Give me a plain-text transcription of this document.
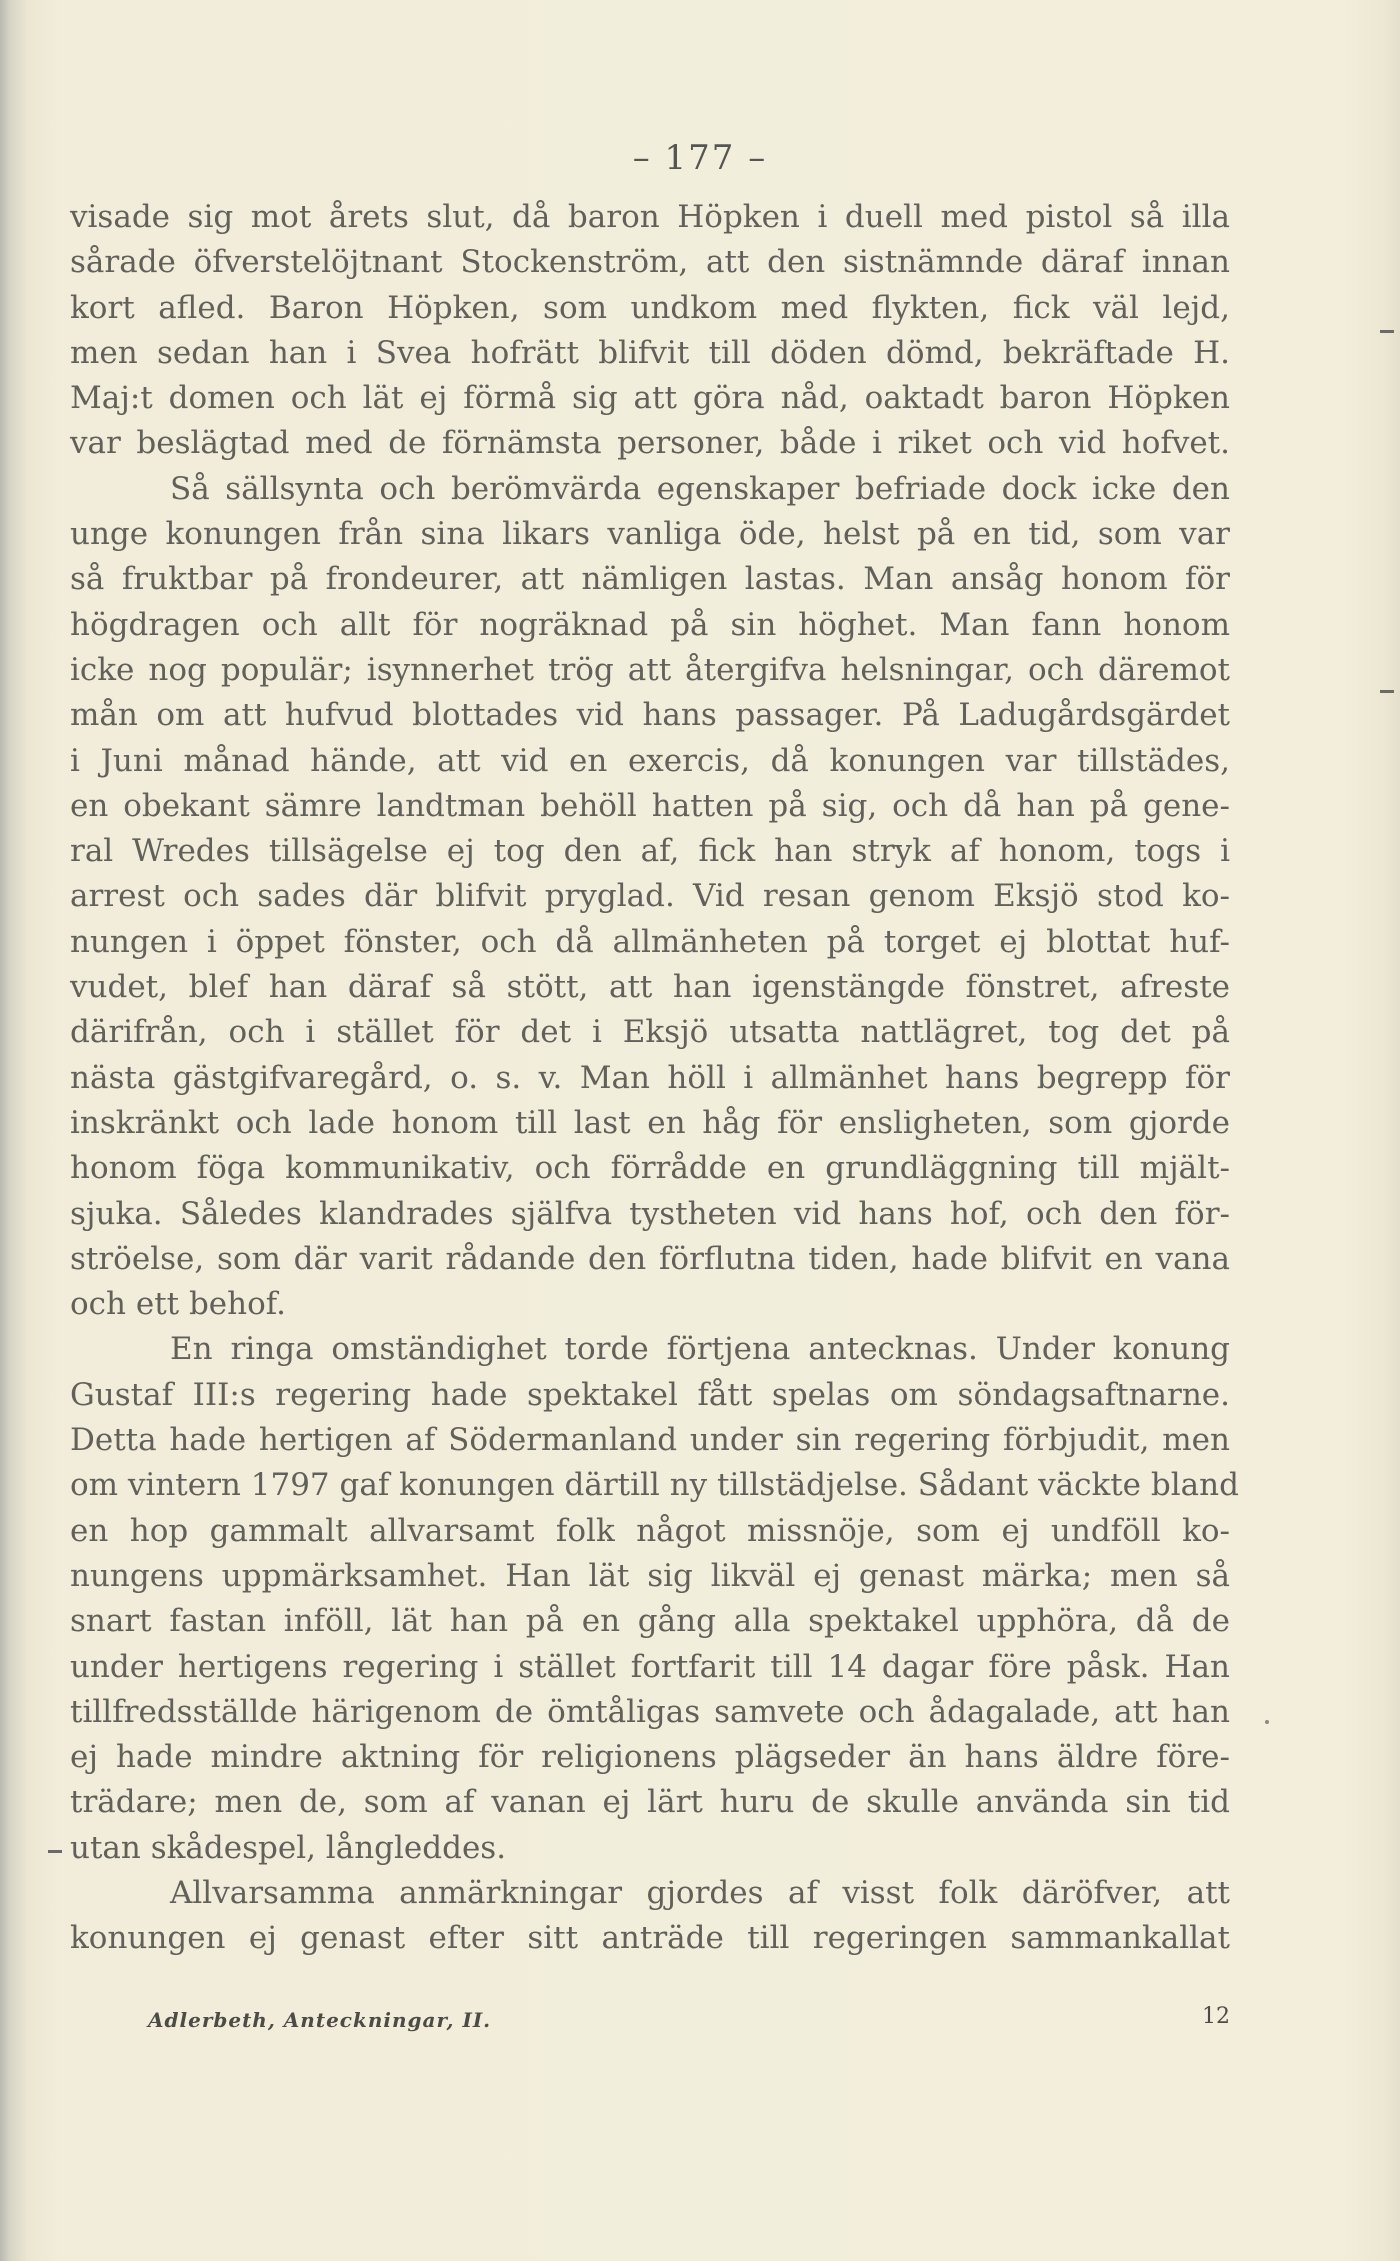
– 177 –
visade sig mot årets slut, då baron Höpken i duell med pistol så illa
sårade öfverstelöjtnant Stockenström, att den sistnämnde däraf innan
kort afled. Baron Höpken, som undkom med flykten, fick väl lejd,
men sedan han i Svea hofrätt blifvit till döden dömd, bekräftade H.
Maj:t domen och lät ej förmå sig att göra nåd, oaktadt baron Höpken
var beslägtad med de förnämsta personer, både i riket och vid hofvet.
Så sällsynta och berömvärda egenskaper befriade dock icke den
unge konungen från sina likars vanliga öde, helst på en tid, som var
så fruktbar på frondeurer, att nämligen lastas. Man ansåg honom för
högdragen och allt för nogräknad på sin höghet. Man fann honom
icke nog populär; isynnerhet trög att återgifva helsningar, och däremot
mån om att hufvud blottades vid hans passager. På Ladugårdsgärdet
i Juni månad hände, att vid en exercis, då konungen var tillstädes,
en obekant sämre landtman behöll hatten på sig, och då han på gene-
ral Wredes tillsägelse ej tog den af, fick han stryk af honom, togs i
arrest och sades där blifvit pryglad. Vid resan genom Eksjö stod ko-
nungen i öppet fönster, och då allmänheten på torget ej blottat huf-
vudet, blef han däraf så stött, att han igenstängde fönstret, afreste
därifrån, och i stället för det i Eksjö utsatta nattlägret, tog det på
nästa gästgifvaregård, o. s. v. Man höll i allmänhet hans begrepp för
inskränkt och lade honom till last en håg för ensligheten, som gjorde
honom föga kommunikativ, och förrådde en grundläggning till mjält-
sjuka. Således klandrades själfva tystheten vid hans hof, och den för-
ströelse, som där varit rådande den förflutna tiden, hade blifvit en vana
och ett behof.
En ringa omständighet torde förtjena antecknas. Under konung
Gustaf III:s regering hade spektakel fått spelas om söndagsaftnarne.
Detta hade hertigen af Södermanland under sin regering förbjudit, men
om vintern 1797 gaf konungen därtill ny tillstädjelse. Sådant väckte bland
en hop gammalt allvarsamt folk något missnöje, som ej undföll ko-
nungens uppmärksamhet. Han lät sig likväl ej genast märka; men så
snart fastan inföll, lät han på en gång alla spektakel upphöra, då de
under hertigens regering i stället fortfarit till 14 dagar före påsk. Han
tillfredsställde härigenom de ömtåligas samvete och ådagalade, att han
ej hade mindre aktning för religionens plägseder än hans äldre före-
trädare; men de, som af vanan ej lärt huru de skulle använda sin tid
utan skådespel, långleddes.
Allvarsamma anmärkningar gjordes af visst folk däröfver, att
konungen ej genast efter sitt anträde till regeringen sammankallat
Adlerbeth, Anteckningar, II.	12
